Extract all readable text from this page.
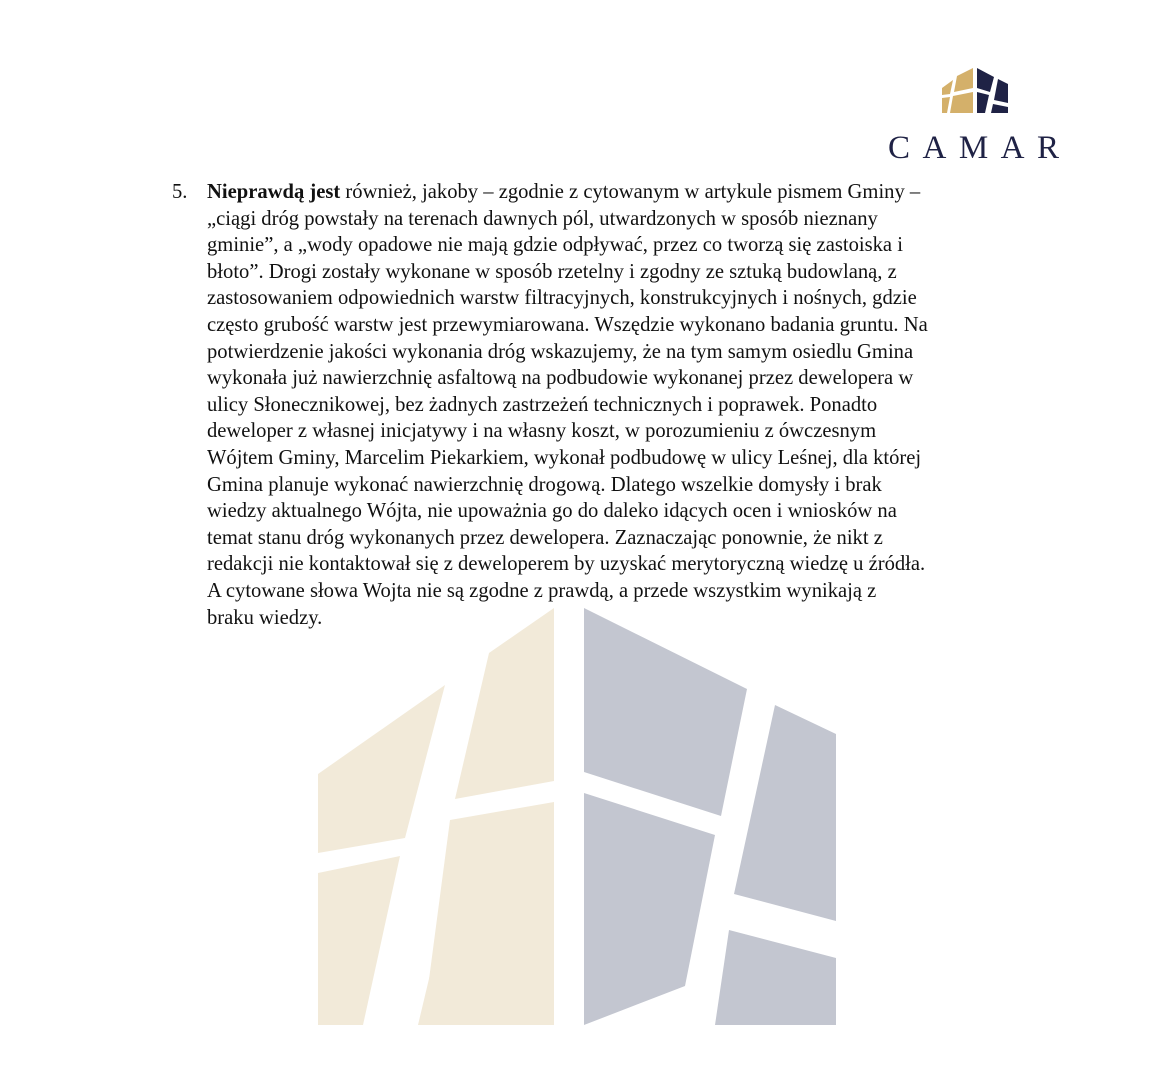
CAMAR
5. Nieprawdą jest również, jakoby – zgodnie z cytowanym w artykule pismem Gminy –
„ciągi dróg powstały na terenach dawnych pól, utwardzonych w sposób nieznany
gminie”, a „wody opadowe nie mają gdzie odpływać, przez co tworzą się zastoiska i
błoto”. Drogi zostały wykonane w sposób rzetelny i zgodny ze sztuką budowlaną, z
zastosowaniem odpowiednich warstw filtracyjnych, konstrukcyjnych i nośnych, gdzie
często grubość warstw jest przewymiarowana. Wszędzie wykonano badania gruntu. Na
potwierdzenie jakości wykonania dróg wskazujemy, że na tym samym osiedlu Gmina
wykonała już nawierzchnię asfaltową na podbudowie wykonanej przez dewelopera w
ulicy Słonecznikowej, bez żadnych zastrzeżeń technicznych i poprawek. Ponadto
deweloper z własnej inicjatywy i na własny koszt, w porozumieniu z ówczesnym
Wójtem Gminy, Marcelim Piekarkiem, wykonał podbudowę w ulicy Leśnej, dla której
Gmina planuje wykonać nawierzchnię drogową. Dlatego wszelkie domysły i brak
wiedzy aktualnego Wójta, nie upoważnia go do daleko idących ocen i wniosków na
temat stanu dróg wykonanych przez dewelopera. Zaznaczając ponownie, że nikt z
redakcji nie kontaktował się z deweloperem by uzyskać merytoryczną wiedzę u źródła.
A cytowane słowa Wojta nie są zgodne z prawdą, a przede wszystkim wynikają z
braku wiedzy.
